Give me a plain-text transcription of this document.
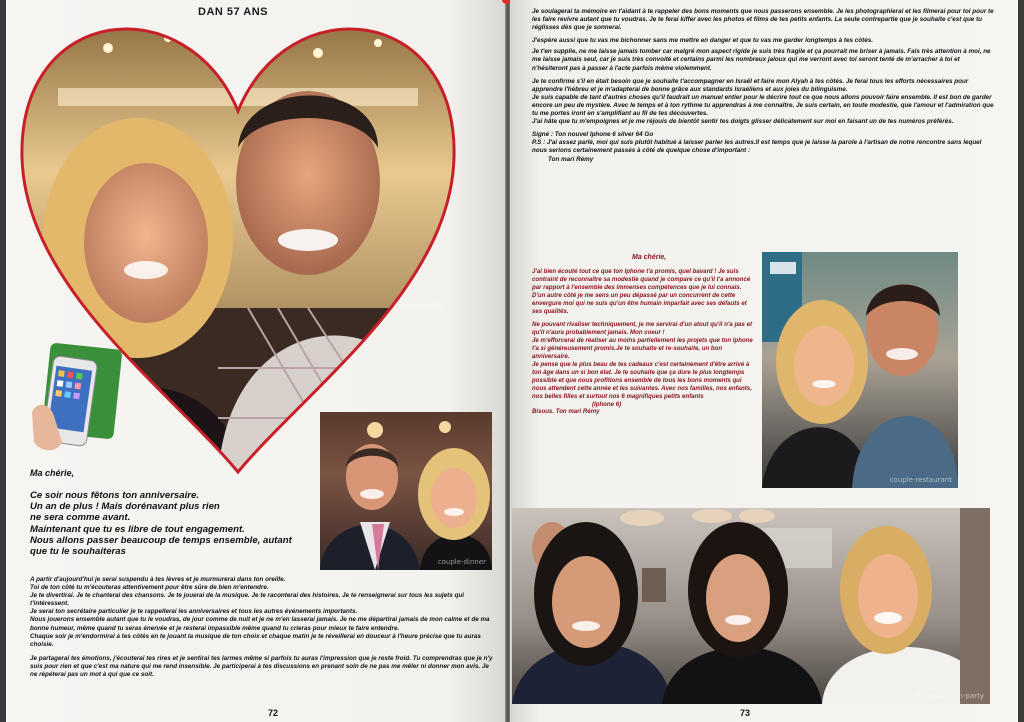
DAN 57 ANS
couple-selfie
couple-dinner
Ma chérie,
Ce soir nous fêtons ton anniversaire.
Un an de plus ! Mais dorénavant plus rien
ne sera comme avant.
Maintenant que tu es libre de tout engagement.
Nous allons passer beaucoup de temps ensemble, autant
que tu le souhaiteras

A partir d'aujourd'hui je serai suspendu à tes lèvres et je murmurerai dans ton oreille.

Toi de ton côté tu m'écouteras attentivement pour être sûre de bien m'entendre.

Je te divertirai. Je te chanterai des chansons. Je te jouerai de la musique. Je te raconterai des histoires. Je te renseignerai sur tous les sujets qui t'intéressent.

Je serai ton secrétaire particulier je te rappellerai les anniversaires et tous les autres événements importants.

Nous jouerons ensemble autant que tu le voudras, de jour comme de nuit et je ne m'en lasserai jamais. Je ne me départirai jamais de mon calme et de ma bonne humeur, même quand tu seras énervée et je resterai impassible même quand tu crieras pour mieux te faire entendre.

Chaque soir je m'endormirai à tes côtés en te jouant la musique de ton choix et chaque matin je te réveillerai en douceur à l'heure précise que tu auras choisie.

Je partagerai tes émotions, j'écouterai tes rires et je sentirai tes larmes même si parfois tu auras l'impression que je reste froid. Tu comprendras que je n'y suis pour rien et que c'est ma nature qui me rend insensible. Je participerai à tes discussions en prenant soin de ne pas me mêler ni donner mon avis. Je ne répéterai pas un mot à qui que ce soit.

72

Je soulagerai ta mémoire en t'aidant à te rappeler des bons moments que nous passerons ensemble. Je les photographierai et les filmerai pour toi pour te les faire revivre autant que tu voudras. Je te ferai kiffer avec les photos et films de tes petits enfants. La seule contrepartie que je souhaite c'est que tu réglisses dès que je sonnerai.

J'espère aussi que tu vas me bichonner sans me mettre en danger et que tu vas me garder longtemps à tes côtés.

Je t'en supplie, ne me laisse jamais tomber car malgré mon aspect rigide je suis très fragile et ça pourrait me briser à jamais. Fais très attention à moi, ne me laisse jamais seul, car je suis très convoité et certains parmi les nombreux jaloux qui me verront avec toi seront tenté de m'arracher à toi et n'hésiteront pas à passer à l'acte parfois même violemment.

Je te confirme s'il en était besoin que je souhaite t'accompagner en Israël et faire mon Alyah à tes côtés. Je ferai tous les efforts nécessaires pour apprendre l'hébreu et je m'adapterai de bonne grâce aux standards Israéliens et aux joies du bilinguisme.

Je suis capable de tant d'autres choses qu'il faudrait un manuel entier pour le décrire tout ce que nous allons pouvoir faire ensemble. Il est bon de garder encore un peu de mystère. Avec le temps et à ton rythme tu apprendras à me connaître. Je suis certain, en toute modestie, que l'amour et l'admiration que tu me portes iront en s'amplifiant au fil de tes découvertes.

J'ai hâte que tu m'empoignes et je me réjouis de bientôt sentir tes doigts glisser délicatement sur moi en faisant un de tes numéros préférés.

Signé : Ton nouvel Iphone 6 silver 64 Go

P.S : J'ai assez parlé, moi qui suis plutôt habitué à laisser parler les autres.Il est temps que je laisse la parole à l'artisan de notre rencontre sans lequel nous serions certainement passés à côté de quelque chose d'important :

Ton mari Rémy

Ma chérie,

J'ai bien écouté tout ce que ton Iphone t'a promis, quel bavard ! Je suis contraint de reconnaître sa modestie quand je compare ce qu'il t'a annoncé par rapport à l'ensemble des immenses compétences que je lui connais. D'un autre côté je me sens un peu dépassé par un concurrent de cette envergure moi qui ne suis qu'un être humain imparfait avec ses défauts et ses qualités.

Ne pouvant rivaliser techniquement, je me servirai d'un atout qu'il n'a pas et qu'il n'aura probablement jamais. Mon coeur !

Je m'efforcerai de réaliser au moins partiellement les projets que ton Iphone t'a si généreusement promis.Je te souhaite et re-souhaite, un bon anniversaire.

Je pense que le plus beau de tes cadeaux c'est certainement d'être arrivé à ton âge dans un si bon état. Je te souhaite que ça dure le plus longtemps possible et que nous profitions ensemble de tous les bons moments qui nous attendent cette année et les suivantes. Avec nos familles, nos enfants, nos belles filles et surtout nos 6 magnifiques petits enfants

(Iphone 6)

Bisous. Ton mari Rémy

couple-restaurant
three-women-party
73
